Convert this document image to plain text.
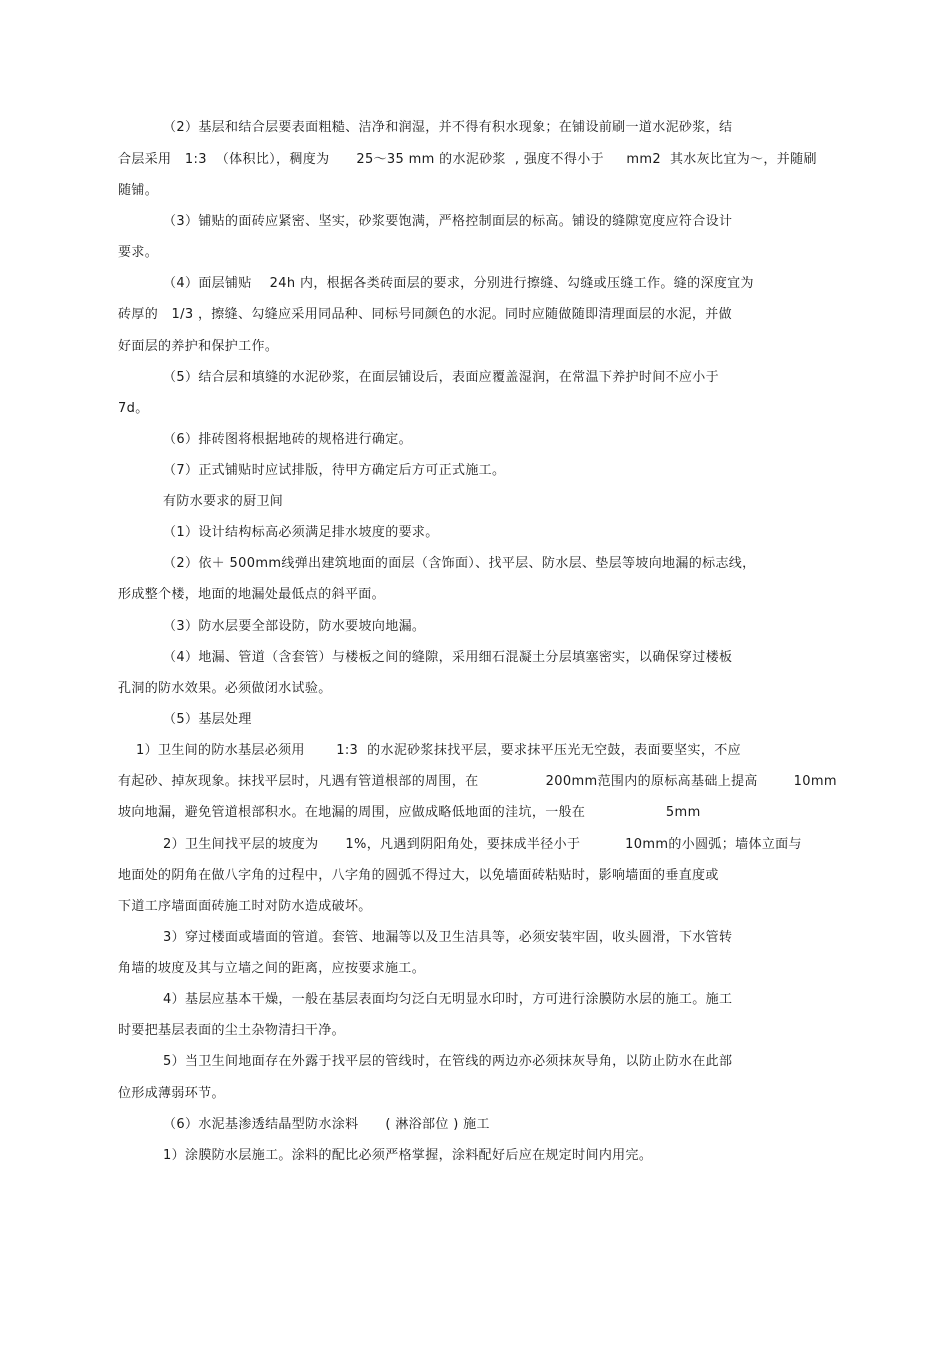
（2）基层和结合层要表面粗糙、洁净和润湿，并不得有积水现象；在铺设前刷一道水泥砂浆，结
合层采用   1:3  （体积比），稠度为      25～35 mm 的水泥砂浆  , 强度不得小于     mm2  其水灰比宜为～，并随刷
随铺。
（3）铺贴的面砖应紧密、坚实，砂浆要饱满，严格控制面层的标高。铺设的缝隙宽度应符合设计
要求。
（4）面层铺贴    24h 内，根据各类砖面层的要求，分别进行擦缝、勾缝或压缝工作。缝的深度宜为
砖厚的   1/3 ，擦缝、勾缝应采用同品种、同标号同颜色的水泥。同时应随做随即清理面层的水泥，并做
好面层的养护和保护工作。
（5）结合层和填缝的水泥砂浆，在面层铺设后，表面应覆盖湿润，在常温下养护时间不应小于
7d。
（6）排砖图将根据地砖的规格进行确定。
（7）正式铺贴时应试排版，待甲方确定后方可正式施工。
有防水要求的厨卫间
（1）设计结构标高必须满足排水坡度的要求。
（2）依＋ 500mm线弹出建筑地面的面层（含饰面）、找平层、防水层、垫层等坡向地漏的标志线，
形成整个楼，地面的地漏处最低点的斜平面。
（3）防水层要全部设防，防水要坡向地漏。
（4）地漏、管道（含套管）与楼板之间的缝隙，采用细石混凝土分层填塞密实，以确保穿过楼板
孔洞的防水效果。必须做闭水试验。
（5）基层处理
1）卫生间的防水基层必须用       1:3  的水泥砂浆抹找平层，要求抹平压光无空鼓，表面要坚实，不应
有起砂、掉灰现象。抹找平层时，凡遇有管道根部的周围，在               200mm范围内的原标高基础上提高        10mm
坡向地漏，避免管道根部积水。在地漏的周围，应做成略低地面的洼坑，一般在                  5mm
2）卫生间找平层的坡度为      1%，凡遇到阴阳角处，要抹成半径小于          10mm的小圆弧；墙体立面与
地面处的阴角在做八字角的过程中，八字角的圆弧不得过大，以免墙面砖粘贴时，影响墙面的垂直度或
下道工序墙面面砖施工时对防水造成破坏。
3）穿过楼面或墙面的管道。套管、地漏等以及卫生洁具等，必须安装牢固，收头圆滑，下水管转
角墙的坡度及其与立墙之间的距离，应按要求施工。
4）基层应基本干燥，一般在基层表面均匀泛白无明显水印时，方可进行涂膜防水层的施工。施工
时要把基层表面的尘土杂物清扫干净。
5）当卫生间地面存在外露于找平层的管线时，在管线的两边亦必须抹灰导角，以防止防水在此部
位形成薄弱环节。
（6）水泥基渗透结晶型防水涂料      ( 淋浴部位 ) 施工
1）涂膜防水层施工。涂料的配比必须严格掌握，涂料配好后应在规定时间内用完。
